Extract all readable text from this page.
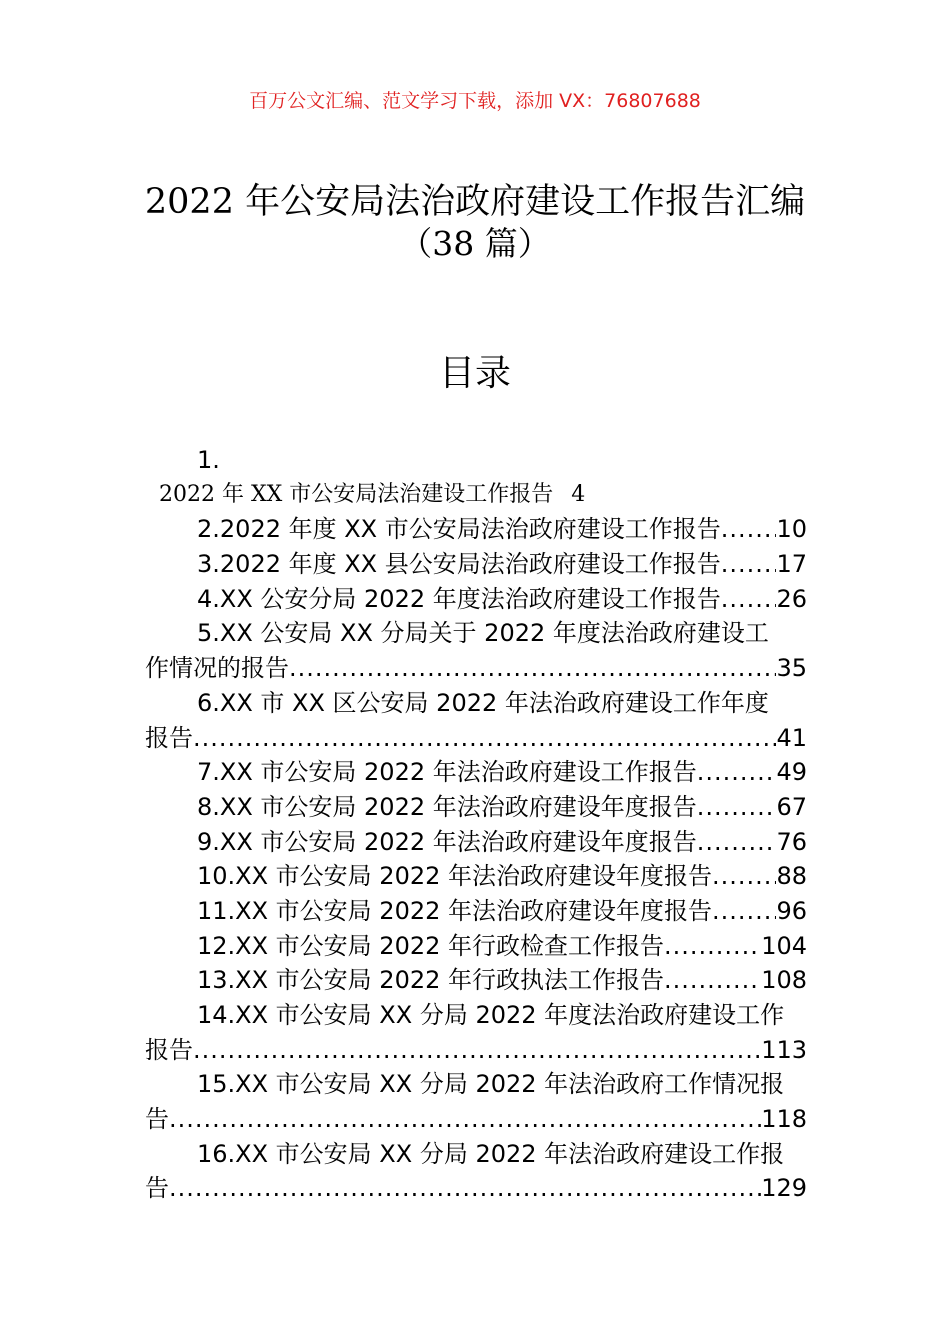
百万公文汇编、范文学习下载，添加 VX：76807688
2022 年公安局法治政府建设工作报告汇编
（38 篇）
目录
1.
2022 年 XX 市公安局法治建设工作报告 4
2.2022 年度 XX 市公安局法治政府建设工作报告 ..... 10
3.2022 年度 XX 县公安局法治政府建设工作报告 ..... 17
4.XX 公安分局 2022 年度法治政府建设工作报告 ..... 26
5.XX 公安局 XX 分局关于 2022 年度法治政府建设工
作情况的报告 .....	35
6.XX 市 XX 区公安局 2022 年法治政府建设工作年度
报告 .....	41
7.XX 市公安局 2022 年法治政府建设工作报告 .....	49
8.XX 市公安局 2022 年法治政府建设年度报告 .....	67
9.XX 市公安局 2022 年法治政府建设年度报告 .....	76
10.XX 市公安局 2022 年法治政府建设年度报告 .....	88
11.XX 市公安局 2022 年法治政府建设年度报告 .....	96
12.XX 市公安局 2022 年行政检查工作报告 .....	104
13.XX 市公安局 2022 年行政执法工作报告 .....	108
14.XX 市公安局 XX 分局 2022 年度法治政府建设工作
报告 .....	113
15.XX 市公安局 XX 分局 2022 年法治政府工作情况报
告 .....	118
16.XX 市公安局 XX 分局 2022 年法治政府建设工作报
告 .....	129
